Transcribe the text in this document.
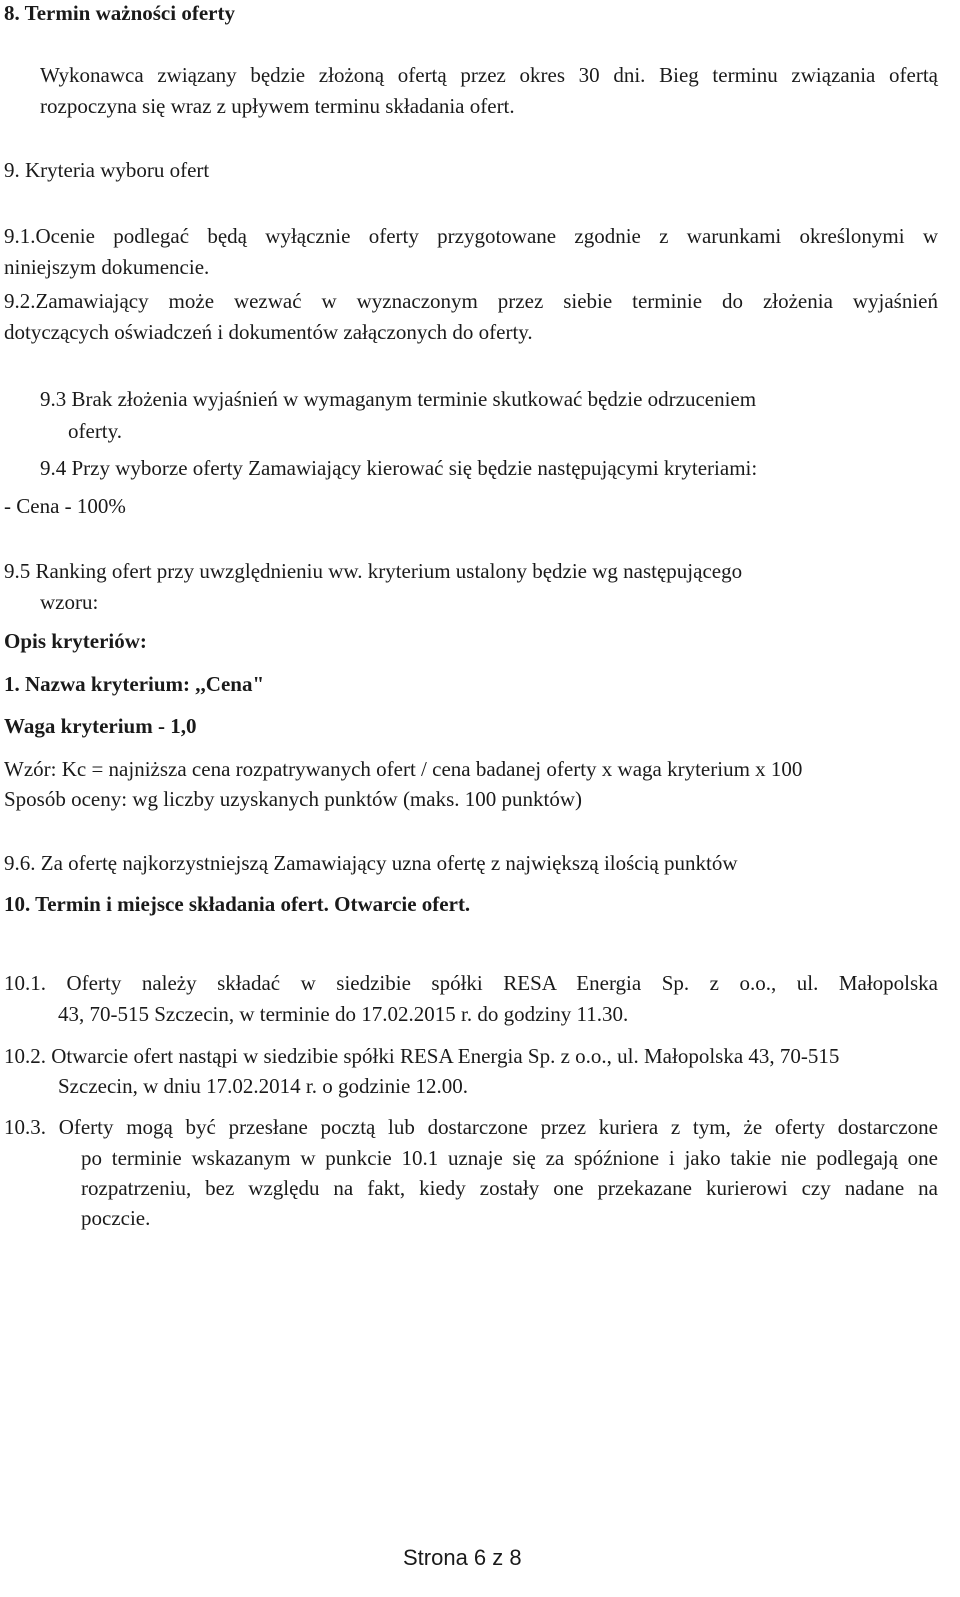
8. Termin ważności oferty
Wykonawca związany będzie złożoną ofertą przez okres 30 dni. Bieg terminu związania ofertą
rozpoczyna się wraz z upływem terminu składania ofert.
9. Kryteria wyboru ofert
9.1.Ocenie podlegać będą wyłącznie oferty przygotowane zgodnie z warunkami określonymi w
niniejszym dokumencie.
9.2.Zamawiający może wezwać w wyznaczonym przez siebie terminie do złożenia wyjaśnień
dotyczących oświadczeń i dokumentów załączonych do oferty.
9.3 Brak złożenia wyjaśnień w wymaganym terminie skutkować będzie odrzuceniem
oferty.
9.4 Przy wyborze oferty Zamawiający kierować się będzie następującymi kryteriami:
- Cena - 100%
9.5 Ranking ofert przy uwzględnieniu ww. kryterium ustalony będzie wg następującego
wzoru:
Opis kryteriów:
1. Nazwa kryterium: ,,Cena"
Waga kryterium - 1,0
Wzór: Kc = najniższa cena rozpatrywanych ofert / cena badanej oferty x waga kryterium x 100
Sposób oceny: wg liczby uzyskanych punktów (maks. 100 punktów)
9.6. Za ofertę najkorzystniejszą Zamawiający uzna ofertę z największą ilością punktów
10. Termin i miejsce składania ofert. Otwarcie ofert.
10.1. Oferty należy składać w siedzibie spółki RESA Energia Sp. z o.o., ul. Małopolska
43, 70-515 Szczecin, w terminie do 17.02.2015 r. do godziny 11.30.
10.2. Otwarcie ofert nastąpi w siedzibie spółki RESA Energia Sp. z o.o., ul. Małopolska 43, 70-515
Szczecin, w dniu 17.02.2014 r. o godzinie 12.00.
10.3. Oferty mogą być przesłane pocztą lub dostarczone przez kuriera z tym, że oferty dostarczone
po terminie wskazanym w punkcie 10.1 uznaje się za spóźnione i jako takie nie podlegają one
rozpatrzeniu, bez względu na fakt, kiedy zostały one przekazane kurierowi czy nadane na
poczcie.
Strona 6 z 8
